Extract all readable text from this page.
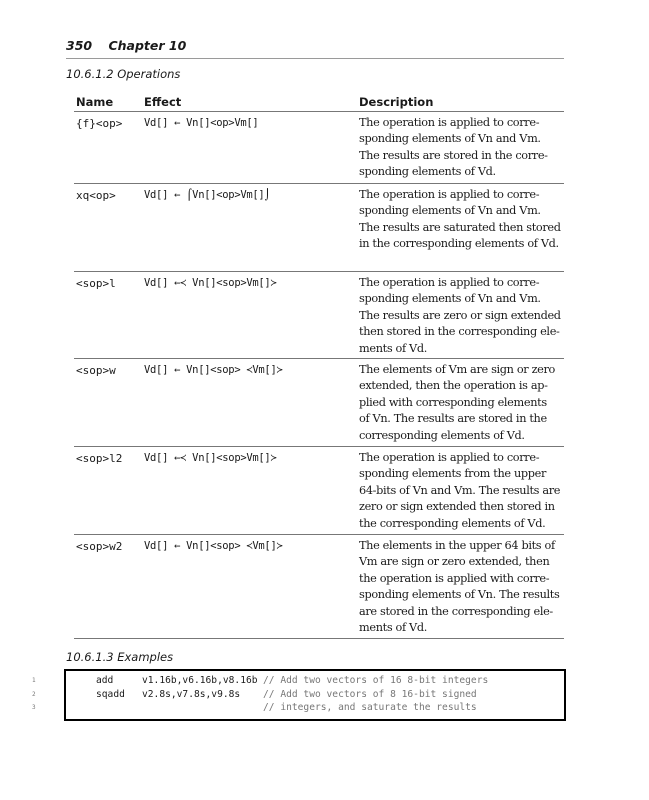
350 Chapter 10
10.6.1.2 Operations
Name	Effect	Description
{f}<op> Vd[] ← Vn[]<op>Vm[]	The operation is applied to corre-
sponding elements of Vn and Vm.
The results are stored in the corre-
sponding elements of Vd.
xq<op>	Vd[] ← ⌠Vn[]<op>Vm[]⌡	The operation is applied to corre-
sponding elements of Vn and Vm.
The results are saturated then stored
in the corresponding elements of Vd.
<sop>l	Vd[] ←≺ Vn[]<sop>Vm[]≻	The operation is applied to corre-
sponding elements of Vn and Vm.
The results are zero or sign extended
then stored in the corresponding ele-
ments of Vd.
<sop>w	Vd[] ← Vn[]<sop> ≺Vm[]≻	The elements of Vm are sign or zero
extended, then the operation is ap-
plied with corresponding elements
of Vn. The results are stored in the
corresponding elements of Vd.
<sop>l2 Vd[] ←≺ Vn[]<sop>Vm[]≻	The operation is applied to corre-
sponding elements from the upper
64-bits of Vn and Vm. The results are
zero or sign extended then stored in
the corresponding elements of Vd.
<sop>w2 Vd[] ← Vn[]<sop> ≺Vm[]≻	The elements in the upper 64 bits of
Vm are sign or zero extended, then
the operation is applied with corre-
sponding elements of Vn. The results
are stored in the corresponding ele-
ments of Vd.
10.6.1.3 Examples
1	add	v1.16b,v6.16b,v8.16b // Add two vectors of 16 8-bit integers
2	sqadd v2.8s,v7.8s,v9.8s // Add two vectors of 8 16-bit signed
3	// integers, and saturate the results
